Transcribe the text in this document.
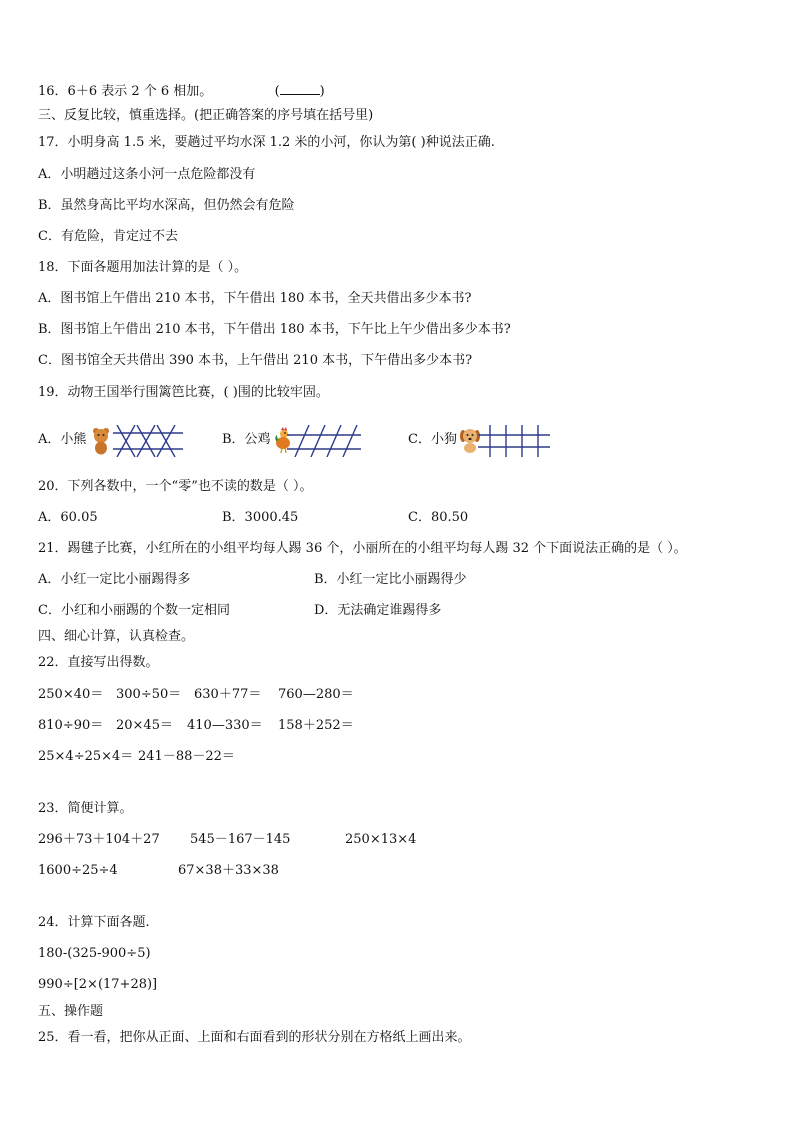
16．6＋6 表示 2 个 6 相加。	(	)
三、反复比较，慎重选择。(把正确答案的序号填在括号里)
17．小明身高 1.5 米，要趟过平均水深 1.2 米的小河，你认为第( )种说法正确.
A．小明趟过这条小河一点危险都没有
B．虽然身高比平均水深高，但仍然会有危险
C．有危险，肯定过不去
18．下面各题用加法计算的是（ ）。
A．图书馆上午借出 210 本书，下午借出 180 本书，全天共借出多少本书?
B．图书馆上午借出 210 本书，下午借出 180 本书，下午比上午少借出多少本书?
C．图书馆全天共借出 390 本书，上午借出 210 本书，下午借出多少本书?
19．动物王国举行围篱笆比赛，( )围的比较牢固。
A．小熊	B．公鸡	C．小狗
20．下列各数中，一个“零”也不读的数是（ ）。
A．60.05	B．3000.45	C．80.50
21．踢毽子比赛，小红所在的小组平均每人踢 36 个，小丽所在的小组平均每人踢 32 个下面说法正确的是（ ）。
A．小红一定比小丽踢得多	B．小红一定比小丽踢得少
C．小红和小丽踢的个数一定相同	D．无法确定谁踢得多
四、细心计算，认真检查。
22．直接写出得数。
250×40＝ 300÷50＝ 630＋77＝ 760—280＝
810÷90＝ 20×45＝ 410—330＝ 158＋252＝
25×4÷25×4＝ 241－88－22＝
23．简便计算。
296＋73＋104＋27 545－167－145	250×13×4
1600÷25÷4	67×38＋33×38
24．计算下面各题.
180-(325-900÷5)
990÷[2×(17+28)]
五、操作题
25．看一看，把你从正面、上面和右面看到的形状分别在方格纸上画出来。
